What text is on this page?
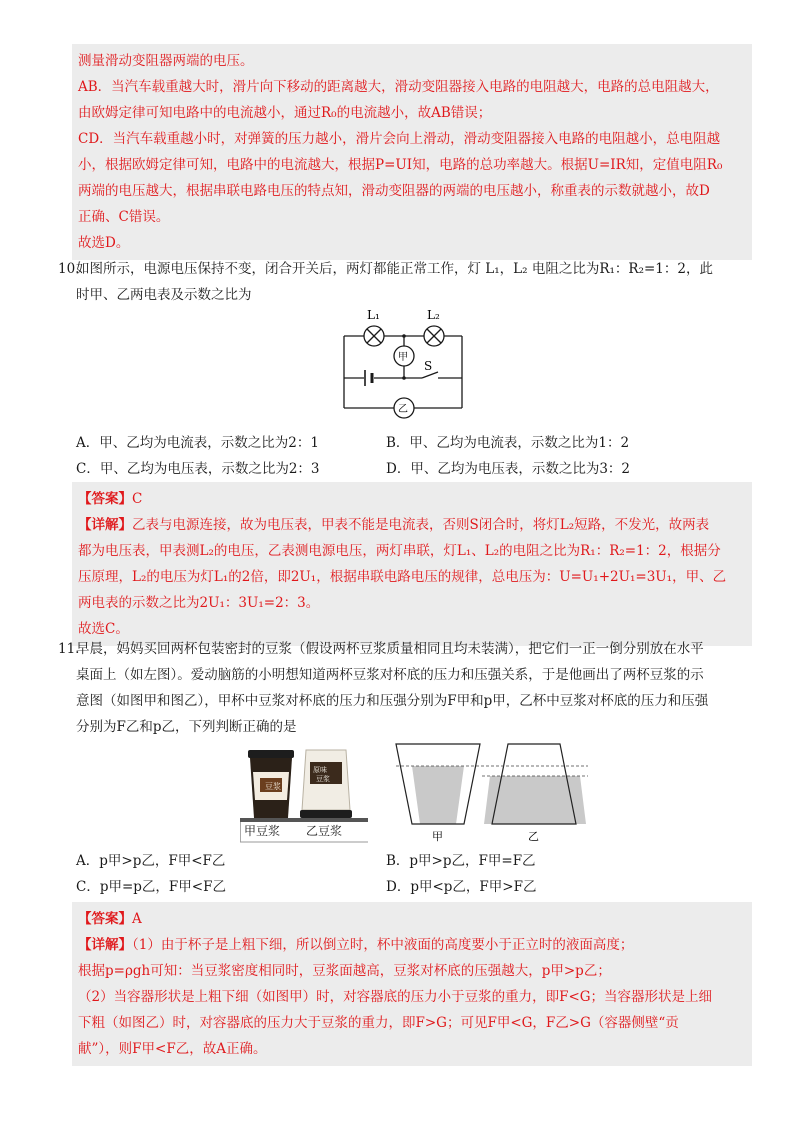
测量滑动变阻器两端的电压。

AB．当汽车载重越大时，滑片向下移动的距离越大，滑动变阻器接入电路的电阻越大，电路的总电阻越大，

由欧姆定律可知电路中的电流越小，通过R₀的电流越小，故AB错误；

CD．当汽车载重越小时，对弹簧的压力越小，滑片会向上滑动，滑动变阻器接入电路的电阻越小，总电阻越

小，根据欧姆定律可知，电路中的电流越大，根据P=UI知，电路的总功率越大。根据U=IR知，定值电阻R₀

两端的电压越大，根据串联电路电压的特点知，滑动变阻器的两端的电压越小，称重表的示数就越小，故D

正确、C错误。

故选D。

10.如图所示，电源电压保持不变，闭合开关后，两灯都能正常工作，灯 L₁，L₂ 电阻之比为R₁：R₂=1：2，此
时甲、乙两电表及示数之比为
L₁	L₂
甲
乙
S
A．甲、乙均为电流表，示数之比为2：1	B．甲、乙均为电流表，示数之比为1：2
C．甲、乙均为电压表，示数之比为2：3	D．甲、乙均为电压表，示数之比为3：2

【答案】C

【详解】乙表与电源连接，故为电压表，甲表不能是电流表，否则S闭合时，将灯L₂短路，不发光，故两表

都为电压表，甲表测L₂的电压，乙表测电源电压，两灯串联，灯L₁、L₂的电阻之比为R₁：R₂=1：2，根据分

压原理，L₂的电压为灯L₁的2倍，即2U₁，根据串联电路电压的规律，总电压为：U=U₁+2U₁=3U₁，甲、乙

两电表的示数之比为2U₁：3U₁=2：3。

故选C。

11.早晨，妈妈买回两杯包装密封的豆浆（假设两杯豆浆质量相同且均未装满），把它们一正一倒分别放在水平
桌面上（如左图）。爱动脑筋的小明想知道两杯豆浆对杯底的压力和压强关系，于是他画出了两杯豆浆的示
意图（如图甲和图乙），甲杯中豆浆对杯底的压力和压强分别为F甲和p甲，乙杯中豆浆对杯底的压力和压强
分别为F乙和p乙，下列判断正确的是
豆 浆
原味
豆浆
甲豆浆 乙豆浆	甲	乙
A．p甲>p乙，F甲<F乙	B．p甲>p乙，F甲=F乙
C．p甲=p乙，F甲<F乙	D．p甲<p乙，F甲>F乙

【答案】A

【详解】（1）由于杯子是上粗下细，所以倒立时，杯中液面的高度要小于正立时的液面高度；

根据p=ρgh可知：当豆浆密度相同时，豆浆面越高，豆浆对杯底的压强越大，p甲>p乙；

（2）当容器形状是上粗下细（如图甲）时，对容器底的压力小于豆浆的重力，即F<G；当容器形状是上细

下粗（如图乙）时，对容器底的压力大于豆浆的重力，即F>G；可见F甲<G，F乙>G（容器侧壁“贡

献”），则F甲<F乙，故A正确。
